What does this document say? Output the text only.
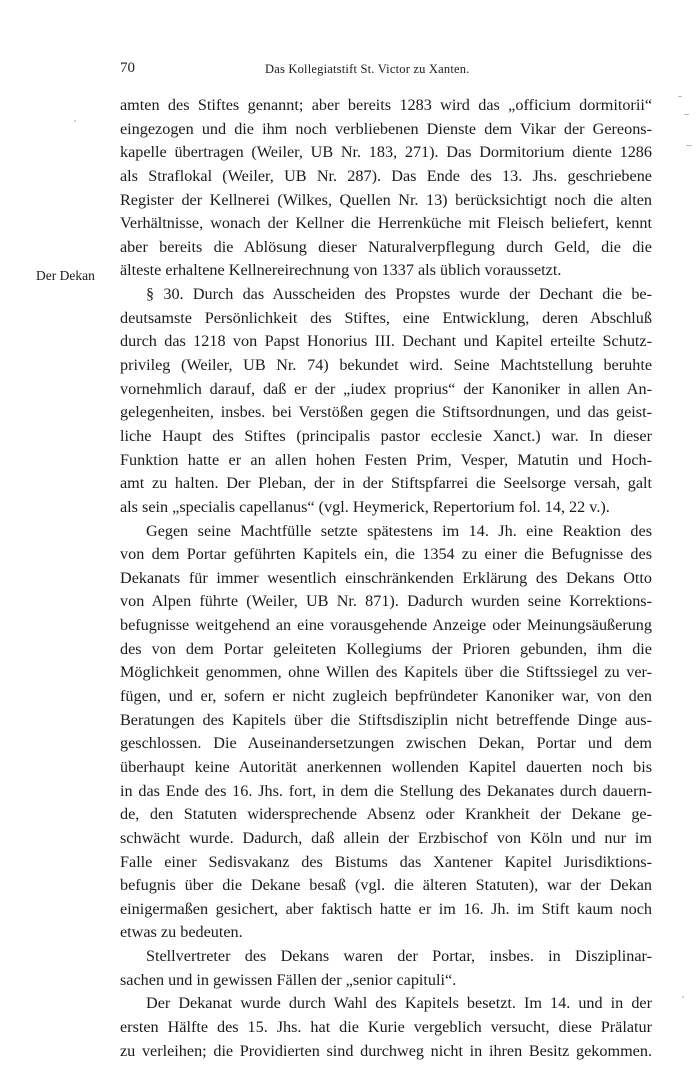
70	Das Kollegiatstift St. Victor zu Xanten.
Der Dekan
amten des Stiftes genannt; aber bereits 1283 wird das „officium dormitorii“
eingezogen und die ihm noch verbliebenen Dienste dem Vikar der Gereons-
kapelle übertragen (Weiler, UB Nr. 183, 271). Das Dormitorium diente 1286
als Straflokal (Weiler, UB Nr. 287). Das Ende des 13. Jhs. geschriebene
Register der Kellnerei (Wilkes, Quellen Nr. 13) berücksichtigt noch die alten
Verhältnisse, wonach der Kellner die Herrenküche mit Fleisch beliefert, kennt
aber bereits die Ablösung dieser Naturalverpflegung durch Geld, die die
älteste erhaltene Kellnereirechnung von 1337 als üblich voraussetzt.
§ 30. Durch das Ausscheiden des Propstes wurde der Dechant die be-
deutsamste Persönlichkeit des Stiftes, eine Entwicklung, deren Abschluß
durch das 1218 von Papst Honorius III. Dechant und Kapitel erteilte Schutz-
privileg (Weiler, UB Nr. 74) bekundet wird. Seine Machtstellung beruhte
vornehmlich darauf, daß er der „iudex proprius“ der Kanoniker in allen An-
gelegenheiten, insbes. bei Verstößen gegen die Stiftsordnungen, und das geist-
liche Haupt des Stiftes (principalis pastor ecclesie Xanct.) war. In dieser
Funktion hatte er an allen hohen Festen Prim, Vesper, Matutin und Hoch-
amt zu halten. Der Pleban, der in der Stiftspfarrei die Seelsorge versah, galt
als sein „specialis capellanus“ (vgl. Heymerick, Repertorium fol. 14, 22 v.).
Gegen seine Machtfülle setzte spätestens im 14. Jh. eine Reaktion des
von dem Portar geführten Kapitels ein, die 1354 zu einer die Befugnisse des
Dekanats für immer wesentlich einschränkenden Erklärung des Dekans Otto
von Alpen führte (Weiler, UB Nr. 871). Dadurch wurden seine Korrektions-
befugnisse weitgehend an eine vorausgehende Anzeige oder Meinungsäußerung
des von dem Portar geleiteten Kollegiums der Prioren gebunden, ihm die
Möglichkeit genommen, ohne Willen des Kapitels über die Stiftssiegel zu ver-
fügen, und er, sofern er nicht zugleich bepfründeter Kanoniker war, von den
Beratungen des Kapitels über die Stiftsdisziplin nicht betreffende Dinge aus-
geschlossen. Die Auseinandersetzungen zwischen Dekan, Portar und dem
überhaupt keine Autorität anerkennen wollenden Kapitel dauerten noch bis
in das Ende des 16. Jhs. fort, in dem die Stellung des Dekanates durch dauern-
de, den Statuten widersprechende Absenz oder Krankheit der Dekane ge-
schwächt wurde. Dadurch, daß allein der Erzbischof von Köln und nur im
Falle einer Sedisvakanz des Bistums das Xantener Kapitel Jurisdiktions-
befugnis über die Dekane besaß (vgl. die älteren Statuten), war der Dekan
einigermaßen gesichert, aber faktisch hatte er im 16. Jh. im Stift kaum noch
etwas zu bedeuten.
Stellvertreter des Dekans waren der Portar, insbes. in Disziplinar-
sachen und in gewissen Fällen der „senior capituli“.
Der Dekanat wurde durch Wahl des Kapitels besetzt. Im 14. und in der
ersten Hälfte des 15. Jhs. hat die Kurie vergeblich versucht, diese Prälatur
zu verleihen; die Providierten sind durchweg nicht in ihren Besitz gekommen.
